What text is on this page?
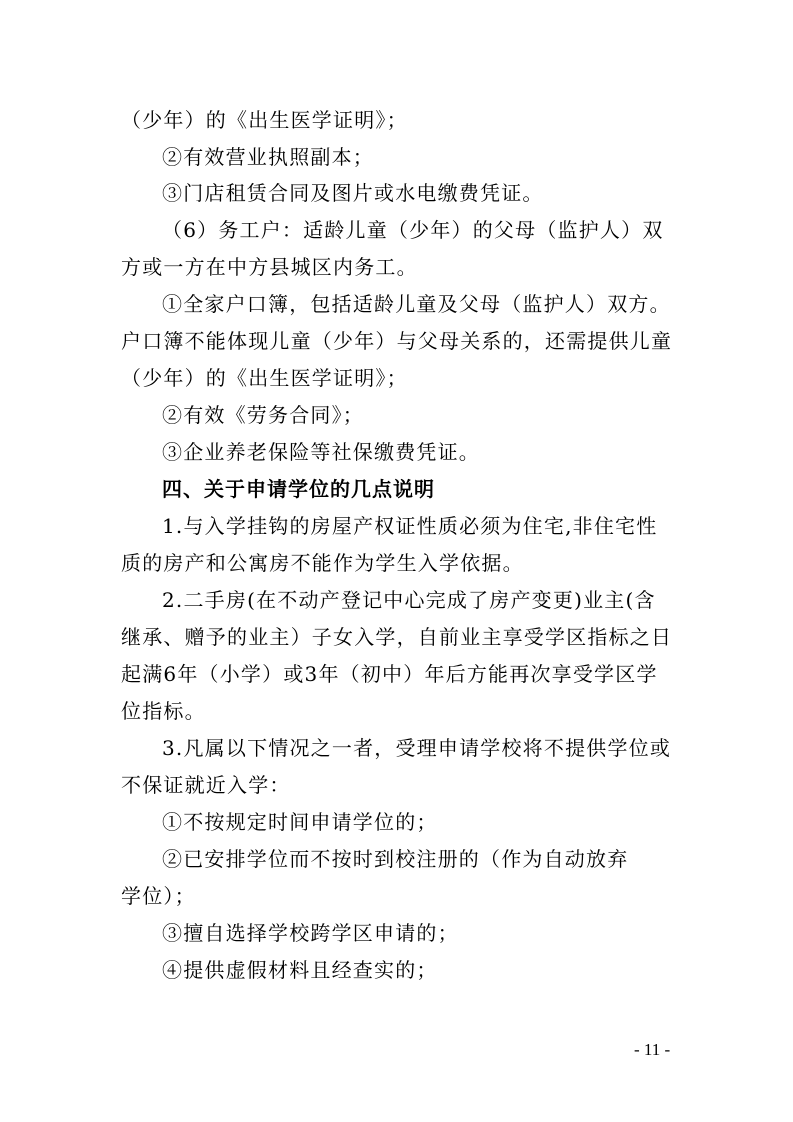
（少年）的《出生医学证明》；
②有效营业执照副本；
③门店租赁合同及图片或水电缴费凭证。
（6）务工户：适龄儿童（少年）的父母（监护人）双
方或一方在中方县城区内务工。
①全家户口簿，包括适龄儿童及父母（监护人）双方。
户口簿不能体现儿童（少年）与父母关系的，还需提供儿童
（少年）的《出生医学证明》；
②有效《劳务合同》；
③企业养老保险等社保缴费凭证。
四、关于申请学位的几点说明
1.与入学挂钩的房屋产权证性质必须为住宅,非住宅性
质的房产和公寓房不能作为学生入学依据。
2.二手房(在不动产登记中心完成了房产变更)业主(含
继承、赠予的业主）子女入学，自前业主享受学区指标之日
起满6年（小学）或3年（初中）年后方能再次享受学区学
位指标。
3.凡属以下情况之一者，受理申请学校将不提供学位或
不保证就近入学：
①不按规定时间申请学位的；
②已安排学位而不按时到校注册的（作为自动放弃
学位）；
③擅自选择学校跨学区申请的；
④提供虚假材料且经查实的；
- 11 -
